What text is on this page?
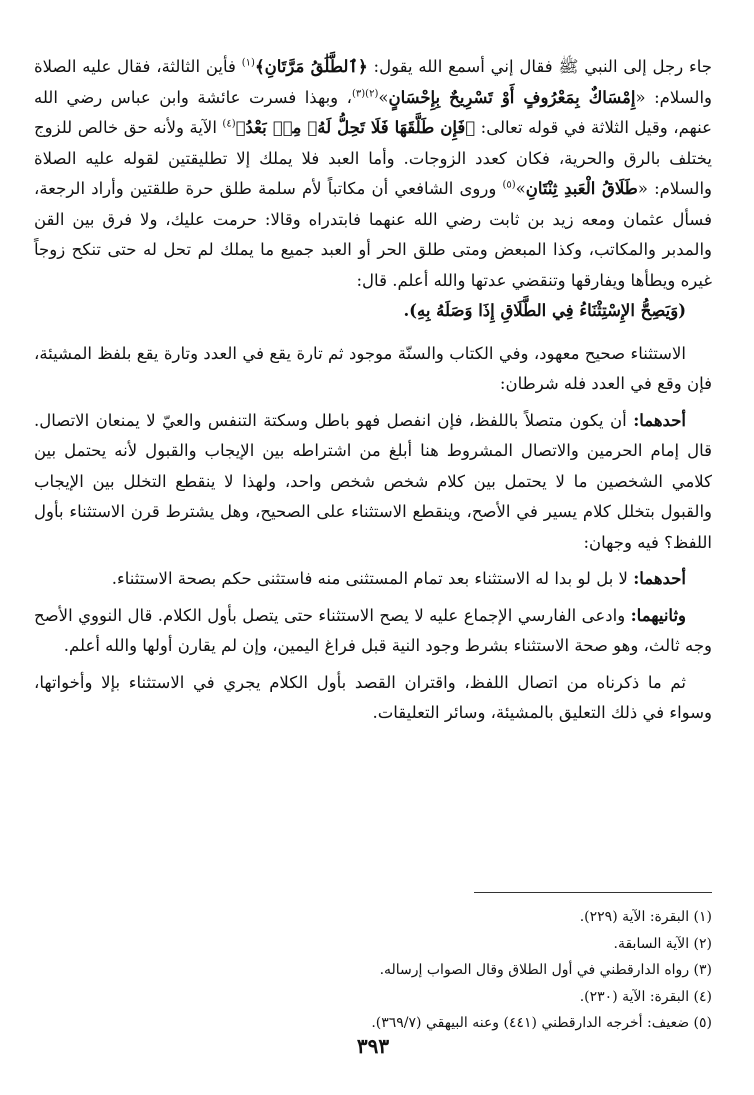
جاء رجل إلى النبي ﷺ فقال إني أسمع الله يقول: ﴿ٱلطَّلَٰقُ مَرَّتَانِ﴾$^{(١)}$ فأين الثالثة، فقال عليه الصلاة والسلام: «إِمْسَاكٌ بِمَعْرُوفٍ أَوْ تَسْرِيحٌ بِإِحْسَانٍ»$^{(٢)(٣)}$، وبهذا فسرت عائشة وابن عباس رضي الله عنهم، وقيل الثلاثة في قوله تعالى: ﴿فَإِن طَلَّقَهَا فَلَا تَحِلُّ لَهُۥ مِنۢ بَعْدُ﴾$^{(٤)}$ الآية ولأنه حق خالص للزوج يختلف بالرق والحرية، فكان كعدد الزوجات. وأما العبد فلا يملك إلا تطليقتين لقوله عليه الصلاة والسلام: «طَلَاقُ الْعَبدِ ثِنْتَانِ»$^{(٥)}$ وروى الشافعي أن مكاتباً لأم سلمة طلق حرة طلقتين وأراد الرجعة، فسأل عثمان ومعه زيد بن ثابت رضي الله عنهما فابتدراه وقالا: حرمت عليك، ولا فرق بين القن والمدبر والمكاتب، وكذا المبعض ومتى طلق الحر أو العبد جميع ما يملك لم تحل له حتى تنكح زوجاً غيره ويطأها ويفارقها وتنقضي عدتها والله أعلم. قال:

(وَيَصِحُّ الإِسْتِثْنَاءُ فِي الطَّلَاقِ إِذَا وَصَلَهُ بِهِ).

الاستثناء صحيح معهود، وفي الكتاب والسنّة موجود ثم تارة يقع في العدد وتارة يقع بلفظ المشيئة، فإن وقع في العدد فله شرطان:

أحدهما: أن يكون متصلاً باللفظ، فإن انفصل فهو باطل وسكتة التنفس والعيّ لا يمنعان الاتصال. قال إمام الحرمين والاتصال المشروط هنا أبلغ من اشتراطه بين الإيجاب والقبول لأنه يحتمل بين كلامي الشخصين ما لا يحتمل بين كلام شخص شخص واحد، ولهذا لا ينقطع التخلل بين الإيجاب والقبول بتخلل كلام يسير في الأصح، وينقطع الاستثناء على الصحيح، وهل يشترط قرن الاستثناء بأول اللفظ؟ فيه وجهان:

أحدهما: لا بل لو بدا له الاستثناء بعد تمام المستثنى منه فاستثنى حكم بصحة الاستثناء.

وثانيهما: وادعى الفارسي الإجماع عليه لا يصح الاستثناء حتى يتصل بأول الكلام. قال النووي الأصح وجه ثالث، وهو صحة الاستثناء بشرط وجود النية قبل فراغ اليمين، وإن لم يقارن أولها والله أعلم.

ثم ما ذكرناه من اتصال اللفظ، واقتران القصد بأول الكلام يجري في الاستثناء بإلا وأخواتها، وسواء في ذلك التعليق بالمشيئة، وسائر التعليقات.

(١) البقرة: الآية (٢٢٩).
(٢) الآية السابقة.
(٣) رواه الدارقطني في أول الطلاق وقال الصواب إرساله.
(٤) البقرة: الآية (٢٣٠).
(٥) ضعيف: أخرجه الدارقطني (٤٤١) وعنه البيهقي (٣٦٩/٧).
٣٩٣
